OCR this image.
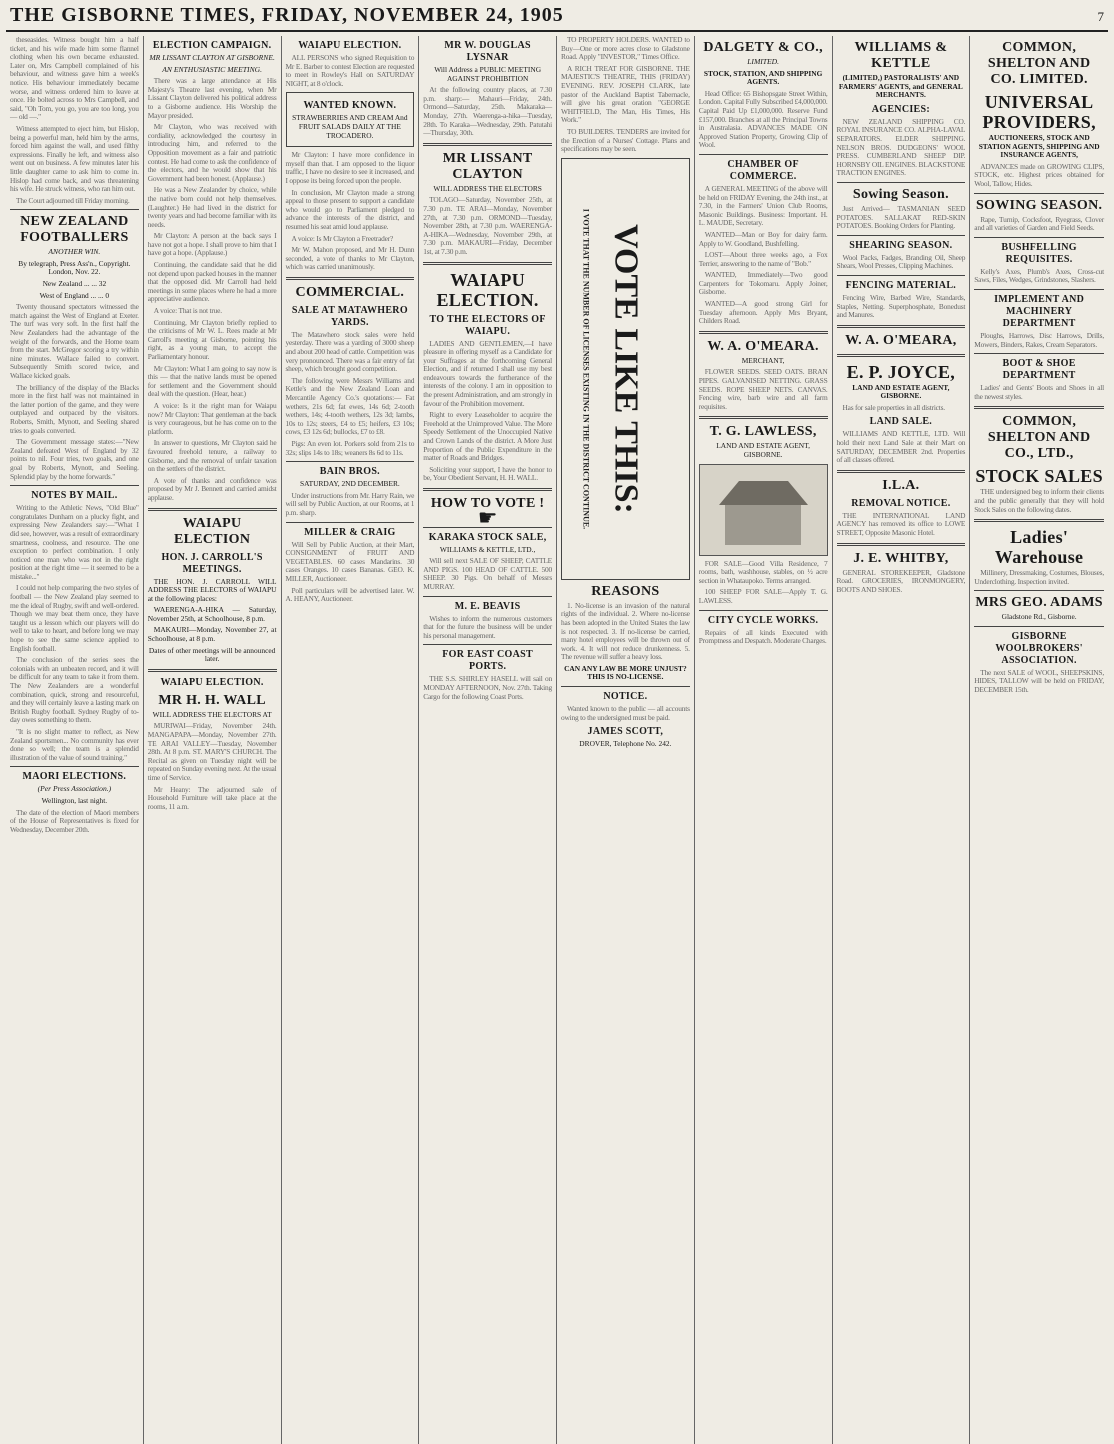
THE GISBORNE TIMES, FRIDAY, NOVEMBER 24, 1905	7

theseasides. Witness bought him a half ticket, and his wife made him some flannel clothing when his own became exhausted. Later on, Mrs Campbell complained of his behaviour, and witness gave him a week's notice. His behaviour immediately became worse, and witness ordered him to leave at once. He bolted across to Mrs Campbell, and said, "Oh Tom, you go, you are too long, you — old —."

Witness attempted to eject him, but Hislop, being a powerful man, held him by the arms, forced him against the wall, and used filthy expressions. Finally he left, and witness also went out on business. A few minutes later his little daughter came to ask him to come in. Hislop had come back, and was threatening his wife. He struck witness, who ran him out.

The Court adjourned till Friday morning.

NEW ZEALAND FOOTBALLERS
ANOTHER WIN.

By telegraph, Press Ass'n., Copyright. London, Nov. 22.

New Zealand ... ... 32

West of England ... ... 0

Twenty thousand spectators witnessed the match against the West of England at Exeter. The turf was very soft. In the first half the New Zealanders had the advantage of the weight of the forwards, and the Home team from the start. McGregor scoring a try within nine minutes. Wallace failed to convert. Subsequently Smith scored twice, and Wallace kicked goals.

The brilliancy of the display of the Blacks more in the first half was not maintained in the latter portion of the game, and they were outplayed and outpaced by the visitors. Roberts, Smith, Mynott, and Seeling shared tries to goals converted.

The Government message states:—"New Zealand defeated West of England by 32 points to nil. Four tries, two goals, and one goal by Roberts, Mynott, and Seeling. Splendid play by the home forwards."

NOTES BY MAIL.

Writing to the Athletic News, "Old Blue" congratulates Dunham on a plucky fight, and expressing New Zealanders say:—"What I did see, however, was a result of extraordinary smartness, coolness, and resource. The one exception to perfect combination. I only noticed one man who was not in the right position at the right time — it seemed to be a mistake..."

I could not help comparing the two styles of football — the New Zealand play seemed to me the ideal of Rugby, swift and well-ordered. Though we may beat them once, they have taught us a lesson which our players will do well to take to heart, and before long we may hope to see the same science applied to English football.

The conclusion of the series sees the colonials with an unbeaten record, and it will be difficult for any team to take it from them. The New Zealanders are a wonderful combination, quick, strong and resourceful, and they will certainly leave a lasting mark on British Rugby football. Sydney Rugby of to-day owes something to them.

"It is no slight matter to reflect, as New Zealand sportsmen... No community has ever done so well; the team is a splendid illustration of the value of sound training."

MAORI ELECTIONS.
(Per Press Association.)

Wellington, last night.

The date of the election of Maori members of the House of Representatives is fixed for Wednesday, December 20th.

ELECTION CAMPAIGN.
MR LISSANT CLAYTON AT GISBORNE.
AN ENTHUSIASTIC MEETING.

There was a large attendance at His Majesty's Theatre last evening, when Mr Lissant Clayton delivered his political address to a Gisborne audience. His Worship the Mayor presided.

Mr Clayton, who was received with cordiality, acknowledged the courtesy in introducing him, and referred to the Opposition movement as a fair and patriotic contest. He had come to ask the confidence of the electors, and he would show that his Government had been honest. (Applause.)

He was a New Zealander by choice, while the native born could not help themselves. (Laughter.) He had lived in the district for twenty years and had become familiar with its needs.

Mr Clayton: A person at the back says I have not got a hope. I shall prove to him that I have got a hope. (Applause.)

Continuing, the candidate said that he did not depend upon packed houses in the manner that the opposed did. Mr Carroll had held meetings in some places where he had a more appreciative audience.

A voice: That is not true.

Continuing, Mr Clayton briefly replied to the criticisms of Mr W. L. Rees made at Mr Carroll's meeting at Gisborne, pointing his right, as a young man, to accept the Parliamentary honour.

Mr Clayton: What I am going to say now is this — that the native lands must be opened for settlement and the Government should deal with the question. (Hear, hear.)

A voice: Is it the right man for Waiapu now? Mr Clayton: That gentleman at the back is very courageous, but he has come on to the platform.

In answer to questions, Mr Clayton said he favoured freehold tenure, a railway to Gisborne, and the removal of unfair taxation on the settlers of the district.

A vote of thanks and confidence was proposed by Mr J. Bennett and carried amidst applause.

WAIAPU ELECTION
HON. J. CARROLL'S MEETINGS.

THE HON. J. CARROLL WILL ADDRESS THE ELECTORS of WAIAPU at the following places:

WAERENGA-A-HIKA — Saturday, November 25th, at Schoolhouse, 8 p.m.

MAKAURI—Monday, November 27, at Schoolhouse, at 8 p.m.

Dates of other meetings will be announced later.

WAIAPU ELECTION.
MR H. H. WALL

WILL ADDRESS THE ELECTORS AT

MURIWAI—Friday, November 24th. MANGAPAPA—Monday, November 27th. TE ARAI VALLEY—Tuesday, November 28th. At 8 p.m. ST. MARY'S CHURCH. The Recital as given on Tuesday night will be repeated on Sunday evening next. At the usual time of Service.

Mr Heany: The adjourned sale of Household Furniture will take place at the rooms, 11 a.m.

WAIAPU ELECTION.

ALL PERSONS who signed Requisition to Mr E. Barber to contest Election are requested to meet in Rowley's Hall on SATURDAY NIGHT, at 8 o'clock.

WANTED KNOWN.

STRAWBERRIES AND CREAM And FRUIT SALADS DAILY AT THE TROCADERO.

Mr Clayton: I have more confidence in myself than that. I am opposed to the liquor traffic, I have no desire to see it increased, and I oppose its being forced upon the people.

In conclusion, Mr Clayton made a strong appeal to those present to support a candidate who would go to Parliament pledged to advance the interests of the district, and resumed his seat amid loud applause.

A voice: Is Mr Clayton a Freetrader?

Mr W. Mahon proposed, and Mr H. Dunn seconded, a vote of thanks to Mr Clayton, which was carried unanimously.

COMMERCIAL.
SALE AT MATAWHERO YARDS.

The Matawhero stock sales were held yesterday. There was a yarding of 3000 sheep and about 200 head of cattle. Competition was very pronounced. There was a fair entry of fat sheep, which brought good competition.

The following were Messrs Williams and Kettle's and the New Zealand Loan and Mercantile Agency Co.'s quotations:— Fat wethers, 21s 6d; fat ewes, 14s 6d; 2-tooth wethers, 14s; 4-tooth wethers, 12s 3d; lambs, 10s to 12s; steers, £4 to £5; heifers, £3 10s; cows, £3 12s 6d; bullocks, £7 to £8.

Pigs: An even lot. Porkers sold from 21s to 32s; slips 14s to 18s; weaners 8s 6d to 11s.

BAIN BROS.

SATURDAY, 2ND DECEMBER.

Under instructions from Mr. Harry Rain, we will sell by Public Auction, at our Rooms, at 1 p.m. sharp.

MILLER & CRAIG

Will Sell by Public Auction, at their Mart, CONSIGNMENT of FRUIT AND VEGETABLES. 60 cases Mandarins. 30 cases Oranges. 10 cases Bananas. GEO. K. MILLER, Auctioneer.

Poll particulars will be advertised later. W. A. HEANY, Auctioneer.

MR W. DOUGLAS LYSNAR

Will Address a PUBLIC MEETING AGAINST PROHIBITION

At the following country places, at 7.30 p.m. sharp:— Mahauri—Friday, 24th. Ormond—Saturday, 25th. Makaraka—Monday, 27th. Waerenga-a-hika—Tuesday, 28th. To Karaka—Wednesday, 29th. Patutahi—Thursday, 30th.

MR LISSANT CLAYTON

WILL ADDRESS THE ELECTORS

TOLAGO—Saturday, November 25th, at 7.30 p.m. TE ARAI—Monday, November 27th, at 7.30 p.m. ORMOND—Tuesday, November 28th, at 7.30 p.m. WAERENGA-A-HIKA—Wednesday, November 29th, at 7.30 p.m. MAKAURI—Friday, December 1st, at 7.30 p.m.

WAIAPU ELECTION.
TO THE ELECTORS OF WAIAPU.

LADIES AND GENTLEMEN,—I have pleasure in offering myself as a Candidate for your Suffrages at the forthcoming General Election, and if returned I shall use my best endeavours towards the furtherance of the interests of the colony. I am in opposition to the present Administration, and am strongly in favour of the Prohibition movement.

Right to every Leaseholder to acquire the Freehold at the Unimproved Value. The More Speedy Settlement of the Unoccupied Native and Crown Lands of the district. A More Just Proportion of the Public Expenditure in the matter of Roads and Bridges.

Soliciting your support, I have the honor to be, Your Obedient Servant, H. H. WALL.

HOW TO VOTE !
☛
KARAKA STOCK SALE,

WILLIAMS & KETTLE, LTD.,

Will sell next SALE OF SHEEP, CATTLE AND PIGS. 100 HEAD OF CATTLE. 500 SHEEP. 30 Pigs. On behalf of Messrs MURRAY.

M. E. BEAVIS

Wishes to inform the numerous customers that for the future the business will be under his personal management.

FOR EAST COAST PORTS.

THE S.S. SHIRLEY HASELL will sail on MONDAY AFTERNOON, Nov. 27th. Taking Cargo for the following Coast Ports.

TO PROPERTY HOLDERS. WANTED to Buy—One or more acres close to Gladstone Road. Apply "INVESTOR," Times Office.

A RICH TREAT FOR GISBORNE. THE MAJESTIC'S THEATRE, THIS (FRIDAY) EVENING. REV. JOSEPH CLARK, late pastor of the Auckland Baptist Tabernacle, will give his great oration "GEORGE WHITFIELD, The Man, His Times, His Work."

TO BUILDERS. TENDERS are invited for the Erection of a Nurses' Cottage. Plans and specifications may be seen.

VOTE LIKE THIS:
I VOTE THAT THE NUMBER OF LICENSES EXISTING IN THE DISTRICT CONTINUE.
REASONS

1. No-license is an invasion of the natural rights of the individual. 2. Where no-license has been adopted in the United States the law is not respected. 3. If no-license be carried, many hotel employees will be thrown out of work. 4. It will not reduce drunkenness. 5. The revenue will suffer a heavy loss.

CAN ANY LAW BE MORE UNJUST? THIS IS NO-LICENSE.

NOTICE.

Wanted known to the public — all accounts owing to the undersigned must be paid.

JAMES SCOTT,

DROVER, Telephone No. 242.

DALGETY & CO.,
LIMITED.

STOCK, STATION, AND SHIPPING AGENTS.

Head Office: 65 Bishopsgate Street Within, London. Capital Fully Subscribed £4,000,000. Capital Paid Up £1,000,000. Reserve Fund £157,000. Branches at all the Principal Towns in Australasia. ADVANCES MADE ON Approved Station Property, Growing Clip of Wool.

CHAMBER OF COMMERCE.

A GENERAL MEETING of the above will be held on FRIDAY Evening, the 24th inst., at 7.30, in the Farmers' Union Club Rooms, Masonic Buildings. Business: Important. H. L. MAUDE, Secretary.

WANTED—Man or Boy for dairy farm. Apply to W. Goodland, Bushfelling.

LOST—About three weeks ago, a Fox Terrier, answering to the name of "Bob."

WANTED, Immediately—Two good Carpenters for Tokomaru. Apply Joiner, Gisborne.

WANTED—A good strong Girl for Tuesday afternoon. Apply Mrs Bryant, Childers Road.

W. A. O'MEARA.

MERCHANT,

FLOWER SEEDS. SEED OATS. BRAN PIPES. GALVANISED NETTING. GRASS SEEDS. ROPE SHEEP NETS. CANVAS. Fencing wire, barb wire and all farm requisites.

T. G. LAWLESS,

LAND AND ESTATE AGENT, GISBORNE.

FOR SALE—Good Villa Residence, 7 rooms, bath, washhouse, stables, on ½ acre section in Whataupoko. Terms arranged.

100 SHEEP FOR SALE—Apply T. G. LAWLESS.

CITY CYCLE WORKS.

Repairs of all kinds Executed with Promptness and Despatch. Moderate Charges.

WILLIAMS & KETTLE

(LIMITED,) PASTORALISTS' AND FARMERS' AGENTS, and GENERAL MERCHANTS.

AGENCIES:

NEW ZEALAND SHIPPING CO. ROYAL INSURANCE CO. ALPHA-LAVAL SEPARATORS. ELDER SHIPPING. NELSON BROS. DUDGEONS' WOOL PRESS. CUMBERLAND SHEEP DIP. HORNSBY OIL ENGINES. BLACKSTONE TRACTION ENGINES.

Sowing Season.

Just Arrived— TASMANIAN SEED POTATOES. SALLAKAT RED-SKIN POTATOES. Booking Orders for Planting.

SHEARING SEASON.

Wool Packs, Fadges, Branding Oil, Sheep Shears, Wool Presses, Clipping Machines.

FENCING MATERIAL.

Fencing Wire, Barbed Wire, Standards, Staples, Netting. Superphosphate, Bonedust and Manures.

W. A. O'MEARA,
E. P. JOYCE,

LAND AND ESTATE AGENT, GISBORNE.

Has for sale properties in all districts.

LAND SALE.

WILLIAMS AND KETTLE, LTD. Will hold their next Land Sale at their Mart on SATURDAY, DECEMBER 2nd. Properties of all classes offered.

I.L.A.
REMOVAL NOTICE.

THE INTERNATIONAL LAND AGENCY has removed its office to LOWE STREET, Opposite Masonic Hotel.

J. E. WHITBY,

GENERAL STOREKEEPER, Gladstone Road. GROCERIES, IRONMONGERY, BOOTS AND SHOES.

COMMON, SHELTON AND CO. LIMITED.
UNIVERSAL PROVIDERS,

AUCTIONEERS, STOCK AND STATION AGENTS, SHIPPING AND INSURANCE AGENTS,

ADVANCES made on GROWING CLIPS, STOCK, etc. Highest prices obtained for Wool, Tallow, Hides.

SOWING SEASON.

Rape, Turnip, Cocksfoot, Ryegrass, Clover and all varieties of Garden and Field Seeds.

BUSHFELLING REQUISITES.

Kelly's Axes, Plumb's Axes, Cross-cut Saws, Files, Wedges, Grindstones, Slashers.

IMPLEMENT AND MACHINERY DEPARTMENT

Ploughs, Harrows, Disc Harrows, Drills, Mowers, Binders, Rakes, Cream Separators.

BOOT & SHOE DEPARTMENT

Ladies' and Gents' Boots and Shoes in all the newest styles.

COMMON, SHELTON AND CO., LTD.,
STOCK SALES

THE undersigned beg to inform their clients and the public generally that they will hold Stock Sales on the following dates.

Ladies' Warehouse

Millinery, Dressmaking, Costumes, Blouses, Underclothing. Inspection invited.

MRS GEO. ADAMS

Gladstone Rd., Gisborne.

GISBORNE WOOLBROKERS' ASSOCIATION.

The next SALE of WOOL, SHEEPSKINS, HIDES, TALLOW will be held on FRIDAY, DECEMBER 15th.
